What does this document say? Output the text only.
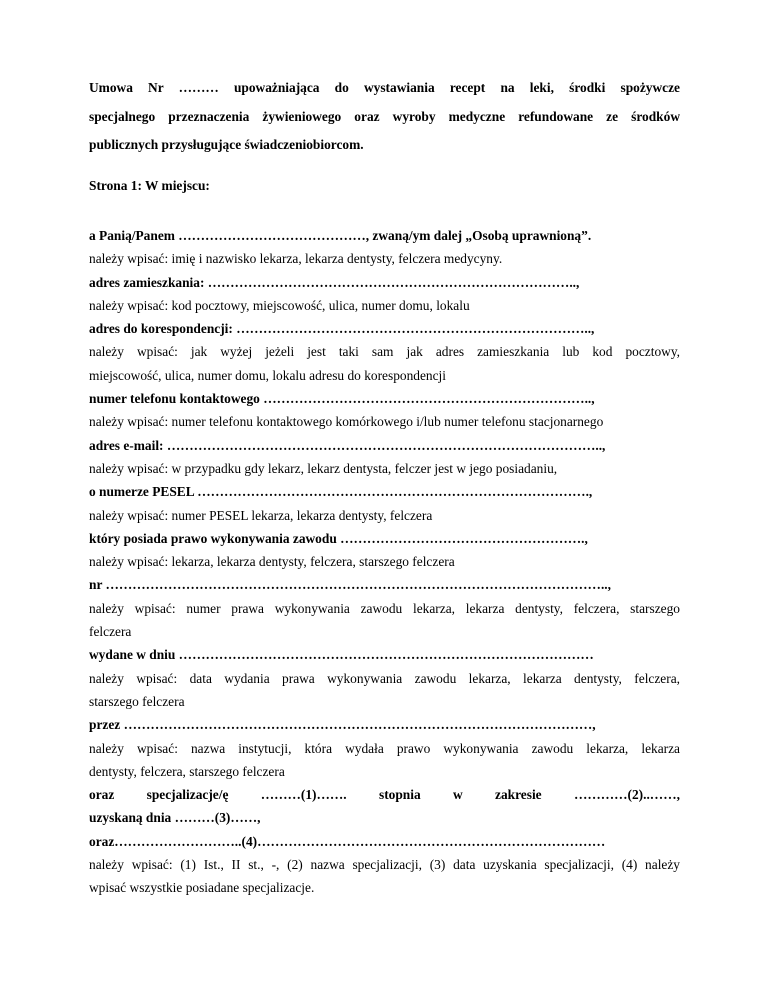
Umowa Nr ……… upoważniająca do wystawiania recept na leki, środki spożywcze
specjalnego przeznaczenia żywieniowego oraz wyroby medyczne refundowane ze środków
publicznych przysługujące świadczeniobiorcom.
Strona 1: W miejscu:
a Panią/Panem ……………………………………, zwaną/ym dalej „Osobą uprawnioną”.
należy wpisać: imię i nazwisko lekarza, lekarza dentysty, felczera medycyny.
adres zamieszkania: ………………………………………………………………………..,
należy wpisać: kod pocztowy, miejscowość, ulica, numer domu, lokalu
adres do korespondencji: ……………………………………………………………………..,
należy wpisać: jak wyżej jeżeli jest taki sam jak adres zamieszkania lub kod pocztowy,
miejscowość, ulica, numer domu, lokalu adresu do korespondencji
numer telefonu kontaktowego ………………………………………………………………..,
należy wpisać: numer telefonu kontaktowego komórkowego i/lub numer telefonu stacjonarnego
adres e-mail: ……………………………………………………………………………………..,
należy wpisać: w przypadku gdy lekarz, lekarz dentysta, felczer jest w jego posiadaniu,
o numerze PESEL …………………………………………………………………………….,
należy wpisać: numer PESEL lekarza, lekarza dentysty, felczera
który posiada prawo wykonywania zawodu ……………………………………………….,
należy wpisać: lekarza, lekarza dentysty, felczera, starszego felczera
nr …………………………………………………………………………………………………..,
należy wpisać: numer prawa wykonywania zawodu lekarza, lekarza dentysty, felczera, starszego
felczera
wydane w dniu …………………………………………………………………………………
należy wpisać: data wydania prawa wykonywania zawodu lekarza, lekarza dentysty, felczera,
starszego felczera
przez ……………………………………………………………………………………………,
należy wpisać: nazwa instytucji, która wydała prawo wykonywania zawodu lekarza, lekarza
dentysty, felczera, starszego felczera
oraz specjalizacje/ę ………(1)……. stopnia w zakresie …………(2)..……,
uzyskaną dnia ………(3)……,
oraz………………………..(4)……………………………………………………………………
należy wpisać: (1) Ist., II st., -, (2) nazwa specjalizacji, (3) data uzyskania specjalizacji, (4) należy
wpisać wszystkie posiadane specjalizacje.
